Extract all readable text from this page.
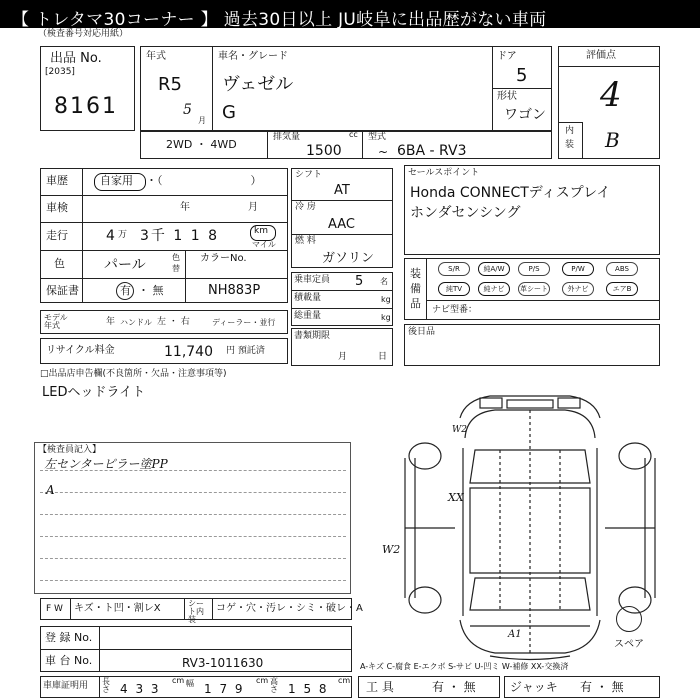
【 トレタマ30コーナー 】 過去30日以上 JU岐阜に出品歴がない車両
（検査番号対応用紙）
出品 No.
[2035]
8161
年式
R5
5
月
車名・グレード
ヴェゼル
G
ドア
5
形状
ワゴン
2WD ・ 4WD
排気量	cc
1500
型式
~ 6BA - RV3
評価点
4
内
装 B
車歴	自家用 ・（　　　　　　　　）
車検	年	月
走行	4 万 3千 1 1 8	km
マイル
色	パール	色
替
カラーNo.
保証書	有 ・ 無	NH883P
モデル年式	年 ハンドル 左 ・ 右	ディーラー・並行
リサイクル料金	11,740 円 預託済
□出品店申告欄(不良箇所・欠品・注意事項等)
LEDヘッドライト
【検査員記入】
左センターピラー塗PP
A
F W キズ・ト凹・割レX	シート内装
コゲ・穴・汚レ・シミ・破レ・A
登 録 No.
車 台 No.	RV3-1011630
車庫証明用 長さ 4 3 3
cm 幅 1 7 9
cm 高さ 1 5 8
cm
シフト
AT
冷 房
AAC
燃 料
ガソリン
乗車定員 5 名
積載量	kg
総重量	kg
書類期限
月	日
セールスポイント
Honda CONNECTディスプレイ
ホンダセンシング
装
備
品
S/R	純A/W	P/S	P/W	ABS
純TV	純ナビ	革シート	外ナビ	エアB
ナビ型番：
後日品
W2
XX
W2
A1
スペア
A-キズ C-腐食 E-エクボ S-サビ U-凹ミ W-補修 XX-交換済
工 具	有 ・ 無	ジャッキ 有 ・ 無
